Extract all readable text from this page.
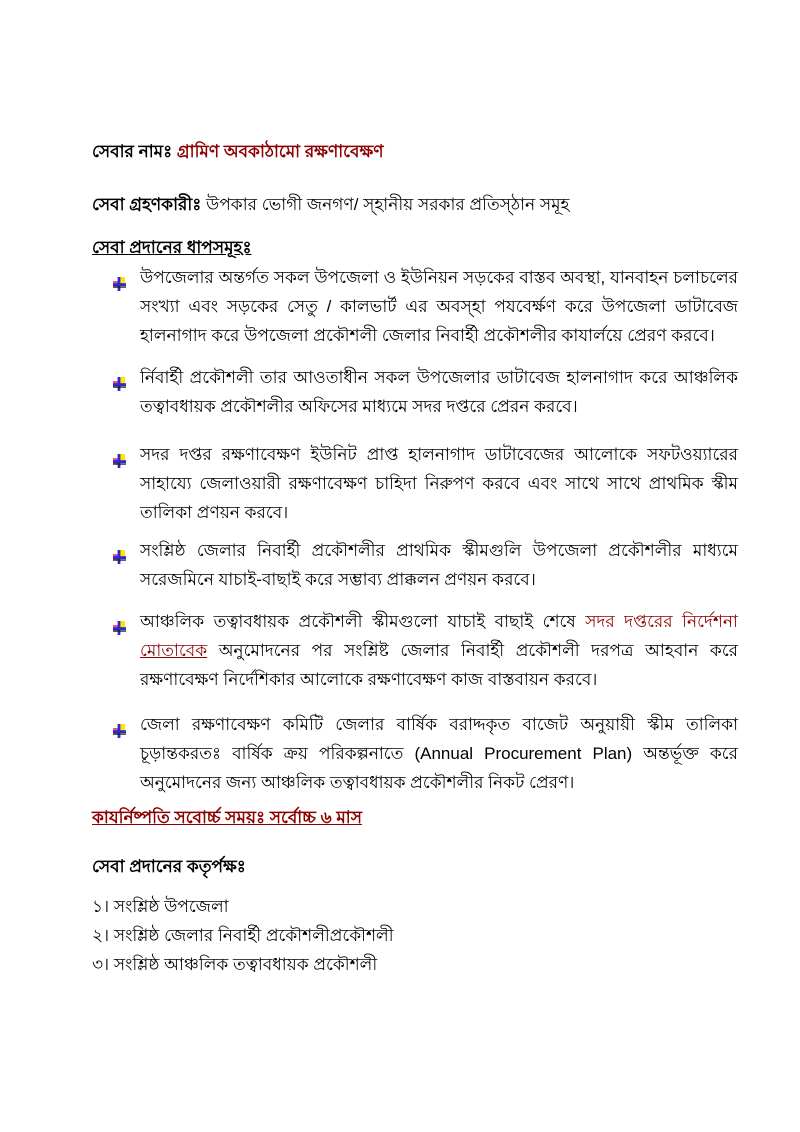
সেবার নামঃ গ্রামিণ অবকাঠামো রক্ষণাবেক্ষণ

সেবা গ্রহণকারীঃ উপকার ভোগী জনগণ/ স্হানীয় সরকার প্রতিস্ঠান সমূহ

সেবা প্রদানের ধাপসমূহঃ

উপজেলার অন্তর্গত সকল উপজেলা ও ইউনিয়ন সড়কের বাস্তব অবস্থা, যানবাহন চলাচলের সংখ্যা এবং সড়কের সেতু / কালভার্ট এর অবস্হা পযবের্ক্ষণ করে উপজেলা ডাটাবেজ হালনাগাদ করে উপজেলা প্রকৌশলী জেলার নিবার্হী প্রকৌশলীর কাযার্লয়ে প্রেরণ করবে।
র্নিবার্হী প্রকৌশলী তার আওতাধীন সকল উপজেলার ডাটাবেজ হালনাগাদ করে আঞ্চলিক তত্বাবধায়ক প্রকৌশলীর অফিসের মাধ্যমে সদর দপ্তরে প্রেরন করবে।
সদর দপ্তর রক্ষণাবেক্ষণ ইউনিট প্রাপ্ত হালনাগাদ ডাটাবেজের আলোকে সফটওয়্যারের সাহায্যে জেলাওয়ারী রক্ষণাবেক্ষণ চাহিদা নিরুপণ করবে এবং সাথে সাথে প্রাথমিক স্কীম তালিকা প্রণয়ন করবে।
সংশ্লিষ্ঠ জেলার নিবার্হী প্রকৌশলীর প্রাথমিক স্কীমগুলি উপজেলা প্রকৌশলীর মাধ্যমে সরেজমিনে যাচাই-বাছাই করে সম্ভাব্য প্রাক্কলন প্রণয়ন করবে।
আঞ্চলিক তত্বাবধায়ক প্রকৌশলী স্কীমগুলো যাচাই বাছাই শেষে সদর দপ্তরের নির্দেশনা মোতাবেক অনুমোদনের পর সংশ্লিষ্ট জেলার নিবার্হী প্রকৌশলী দরপত্র আহবান করে রক্ষণাবেক্ষণ নির্দেশিকার আলোকে রক্ষণাবেক্ষণ কাজ বাস্তবায়ন করবে।
জেলা রক্ষণাবেক্ষণ কমিটি জেলার বার্ষিক বরাদ্দকৃত বাজেট অনুয়ায়ী স্কীম তালিকা চূড়ান্তকরতঃ বার্ষিক ক্রয় পরিকল্পনাতে (Annual Procurement Plan) অন্তর্ভূক্ত করে অনুমোদনের জন্য আঞ্চলিক তত্বাবধায়ক প্রকৌশলীর নিকট প্রেরণ।

কাযর্নিষ্পতি সবোর্চ্চ সময়ঃ সর্বোচ্চ ৬ মাস

সেবা প্রদানের কতৃর্পক্ষঃ

১। সংশ্লিষ্ঠ উপজেলা

২। সংশ্লিষ্ঠ জেলার নিবার্হী প্রকৌশলীপ্রকৌশলী

৩। সংশ্লিষ্ঠ আঞ্চলিক তত্বাবধায়ক প্রকৌশলী
